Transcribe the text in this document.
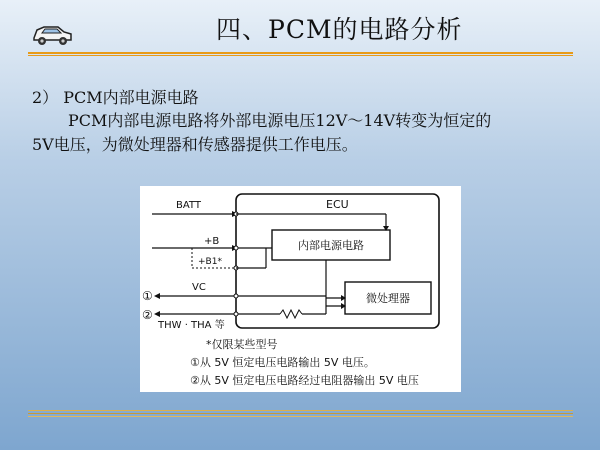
四、PCM的电路分析
2） PCM内部电源电路
PCM内部电源电路将外部电源电压12V～14V转变为恒定的
5V电压，为微处理器和传感器提供工作电压。
ECU
内部电源电路
微处理器
BATT
+B
+B1*
VC
①
THW · THA 等
②
*仅限某些型号
①从 5V 恒定电压电路输出 5V 电压。
②从 5V 恒定电压电路经过电阻器输出 5V 电压
